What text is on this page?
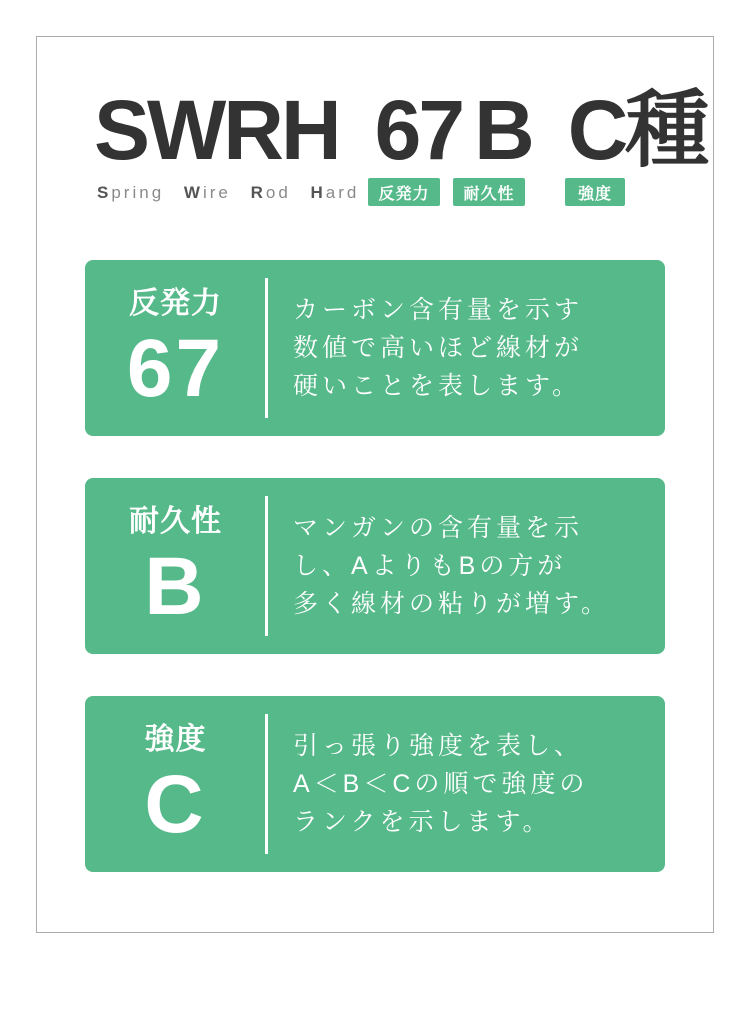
SWRH 67 B C種
Spring Wire Rod Hard	反発力	耐久性	強度
反発力
67
カーボン含有量を示す
数値で高いほど線材が
硬いことを表します。
耐久性
B
マンガンの含有量を示
し、AよりもBの方が
多く線材の粘りが増す。
強度
C
引っ張り強度を表し、
A＜B＜Cの順で強度の
ランクを示します。
